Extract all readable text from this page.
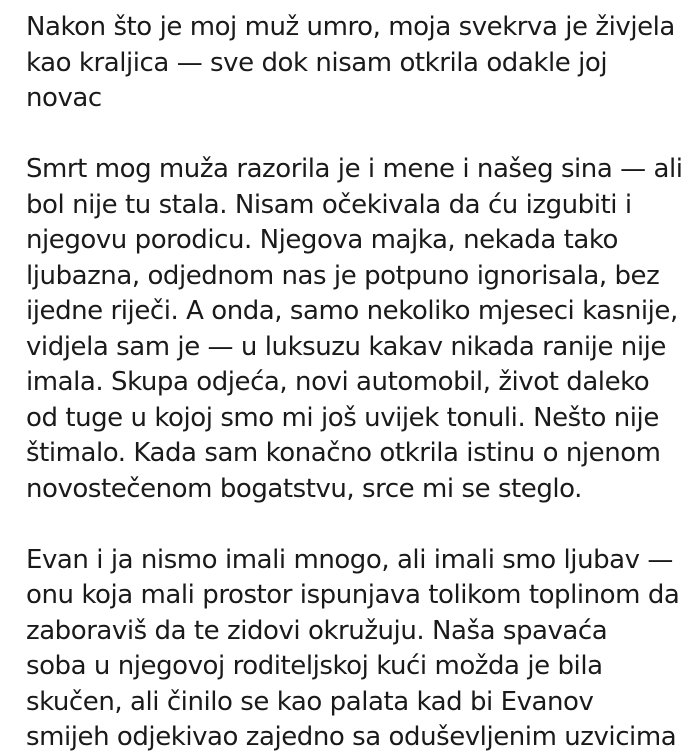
Nakon što je moj muž umro, moja svekrva je živjela
kao kraljica — sve dok nisam otkrila odakle joj
novac
Smrt mog muža razorila je i mene i našeg sina — ali
bol nije tu stala. Nisam očekivala da ću izgubiti i
njegovu porodicu. Njegova majka, nekada tako
ljubazna, odjednom nas je potpuno ignorisala, bez
ijedne riječi. A onda, samo nekoliko mjeseci kasnije,
vidjela sam je — u luksuzu kakav nikada ranije nije
imala. Skupa odjeća, novi automobil, život daleko
od tuge u kojoj smo mi još uvijek tonuli. Nešto nije
štimalo. Kada sam konačno otkrila istinu o njenom
novostečenom bogatstvu, srce mi se steglo.
Evan i ja nismo imali mnogo, ali imali smo ljubav —
onu koja mali prostor ispunjava tolikom toplinom da
zaboraviš da te zidovi okružuju. Naša spavaća
soba u njegovoj roditeljskoj kući možda je bila
skučen, ali činilo se kao palata kad bi Evanov
smijeh odjekivao zajedno sa oduševljenim uzvicima
